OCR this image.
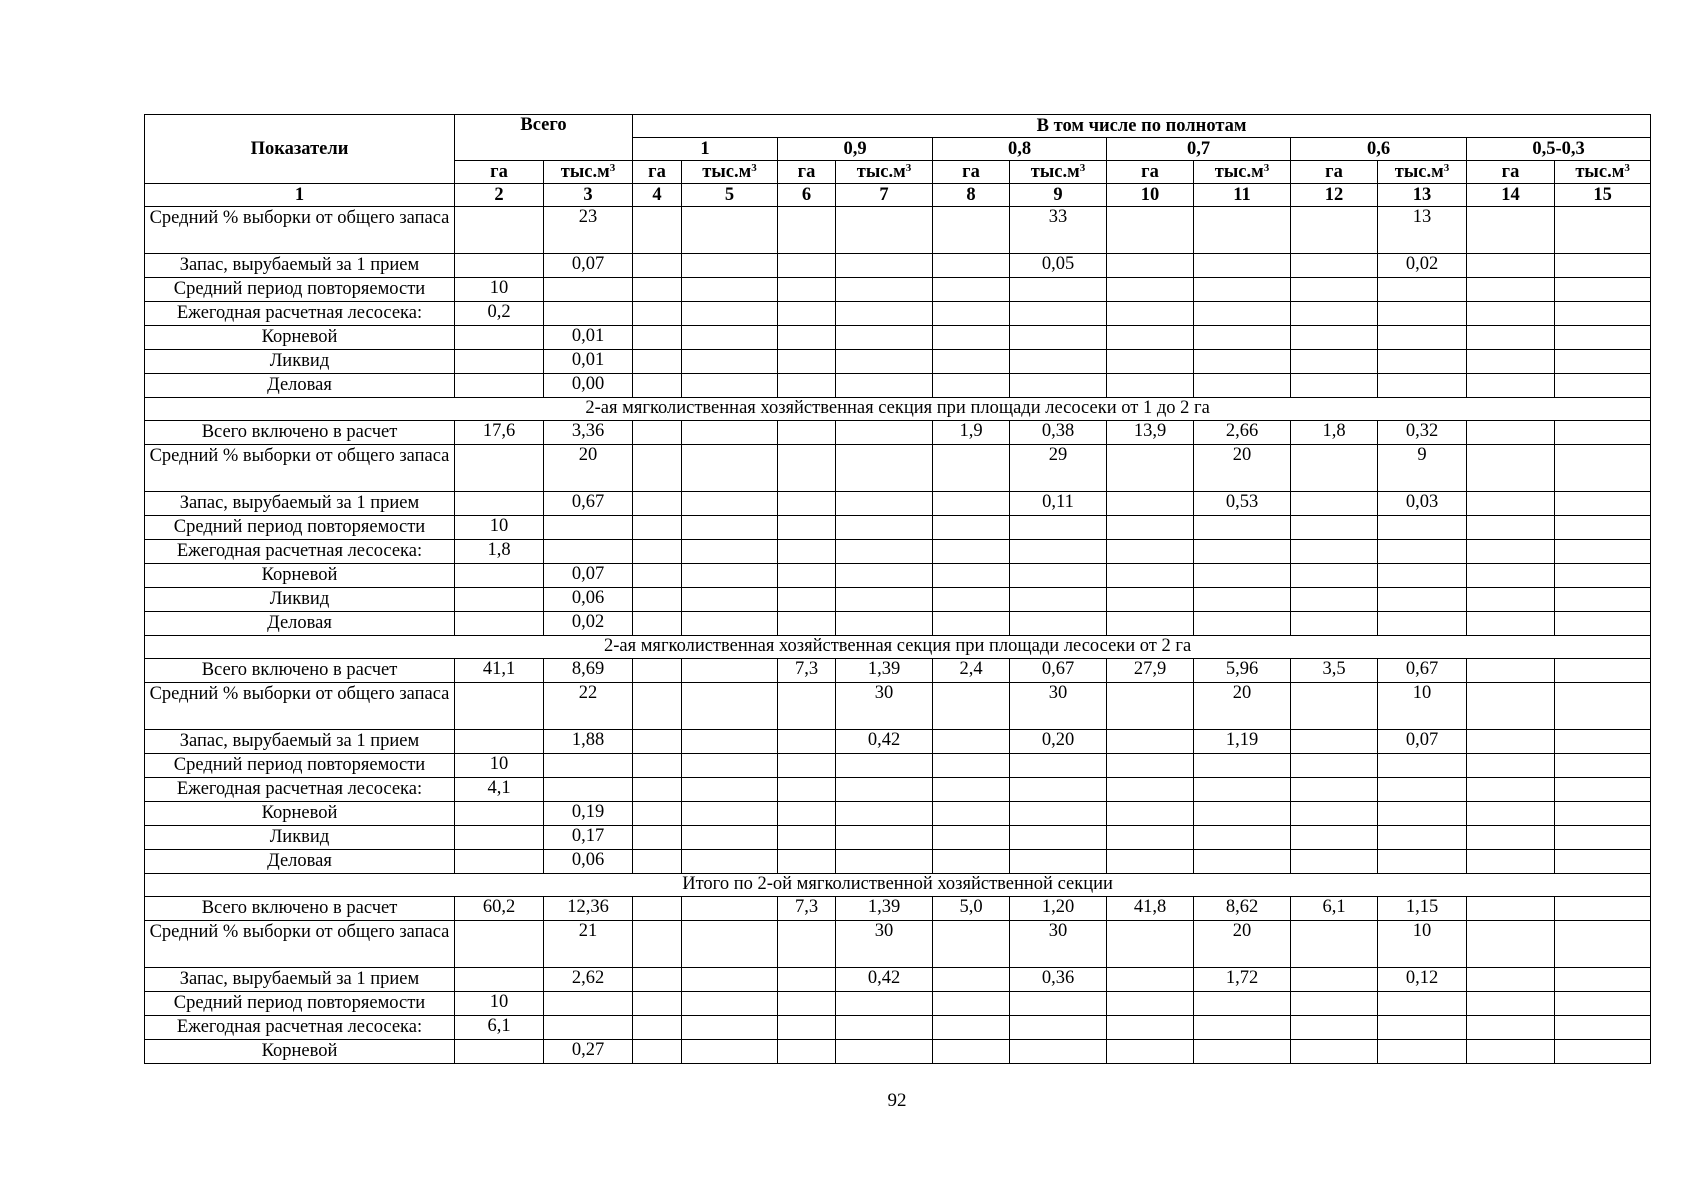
Показатели	Всего		В том числе по полнотам											
			1		0,9		0,8		0,7		0,6		0,5-0,3	
	га	$тыс.м^3$	га	$тыс.м^3$	га	$тыс.м^3$	га	$тыс.м^3$	га	$тыс.м^3$	га	$тыс.м^3$	га	$тыс.м^3$
1	2	3	4	5	6	7	8	9	10	11	12	13	14	15
Средний % выборки от общего запаса		23						33				13		
Запас, вырубаемый за 1 прием		0,07						0,05				0,02		
Средний период повторяемости	10													
Ежегодная расчетная лесосека:	0,2													
Корневой		0,01												
Ликвид		0,01												
Деловая		0,00												
2-ая мягколиственная хозяйственная секция при площади лесосеки от 1 до 2 га														
Всего включено в расчет	17,6	3,36					1,9	0,38	13,9	2,66	1,8	0,32		
Средний % выборки от общего запаса		20						29		20		9		
Запас, вырубаемый за 1 прием		0,67						0,11		0,53		0,03		
Средний период повторяемости	10													
Ежегодная расчетная лесосека:	1,8													
Корневой		0,07												
Ликвид		0,06												
Деловая		0,02												
2-ая мягколиственная хозяйственная секция при площади лесосеки от 2 га														
Всего включено в расчет	41,1	8,69			7,3	1,39	2,4	0,67	27,9	5,96	3,5	0,67		
Средний % выборки от общего запаса		22				30		30		20		10		
Запас, вырубаемый за 1 прием		1,88				0,42		0,20		1,19		0,07		
Средний период повторяемости	10													
Ежегодная расчетная лесосека:	4,1													
Корневой		0,19												
Ликвид		0,17												
Деловая		0,06												
Итого по 2-ой мягколиственной хозяйственной секции														
Всего включено в расчет	60,2	12,36			7,3	1,39	5,0	1,20	41,8	8,62	6,1	1,15		
Средний % выборки от общего запаса		21				30		30		20		10		
Запас, вырубаемый за 1 прием		2,62				0,42		0,36		1,72		0,12		
Средний период повторяемости	10													
Ежегодная расчетная лесосека:	6,1													
Корневой		0,27												
92
